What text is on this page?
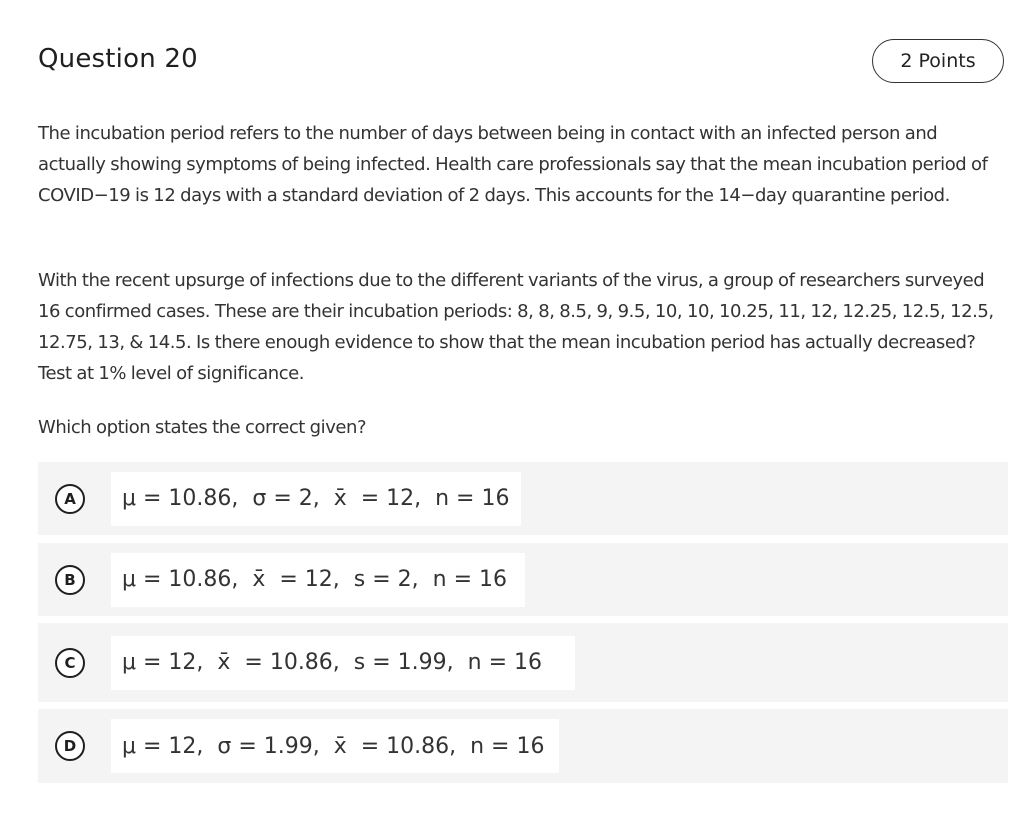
Question 20	2 Points

The incubation period refers to the number of days between being in contact with an infected person and actually showing symptoms of being infected. Health care professionals say that the mean incubation period of COVID−19 is 12 days with a standard deviation of 2 days. This accounts for the 14−day quarantine period.

With the recent upsurge of infections due to the different variants of the virus, a group of researchers surveyed 16 confirmed cases. These are their incubation periods: 8, 8, 8.5, 9, 9.5, 10, 10, 10.25, 11, 12, 12.25, 12.5, 12.5, 12.75, 13, & 14.5. Is there enough evidence to show that the mean incubation period has actually decreased? Test at 1% level of significance.

Which option states the correct given?

A	μ = 10.86,  σ = 2,  x̄  = 12,  n = 16
B	μ = 10.86,  x̄  = 12,  s = 2,  n = 16
C	μ = 12,  x̄  = 10.86,  s = 1.99,  n = 16
D	μ = 12,  σ = 1.99,  x̄  = 10.86,  n = 16
